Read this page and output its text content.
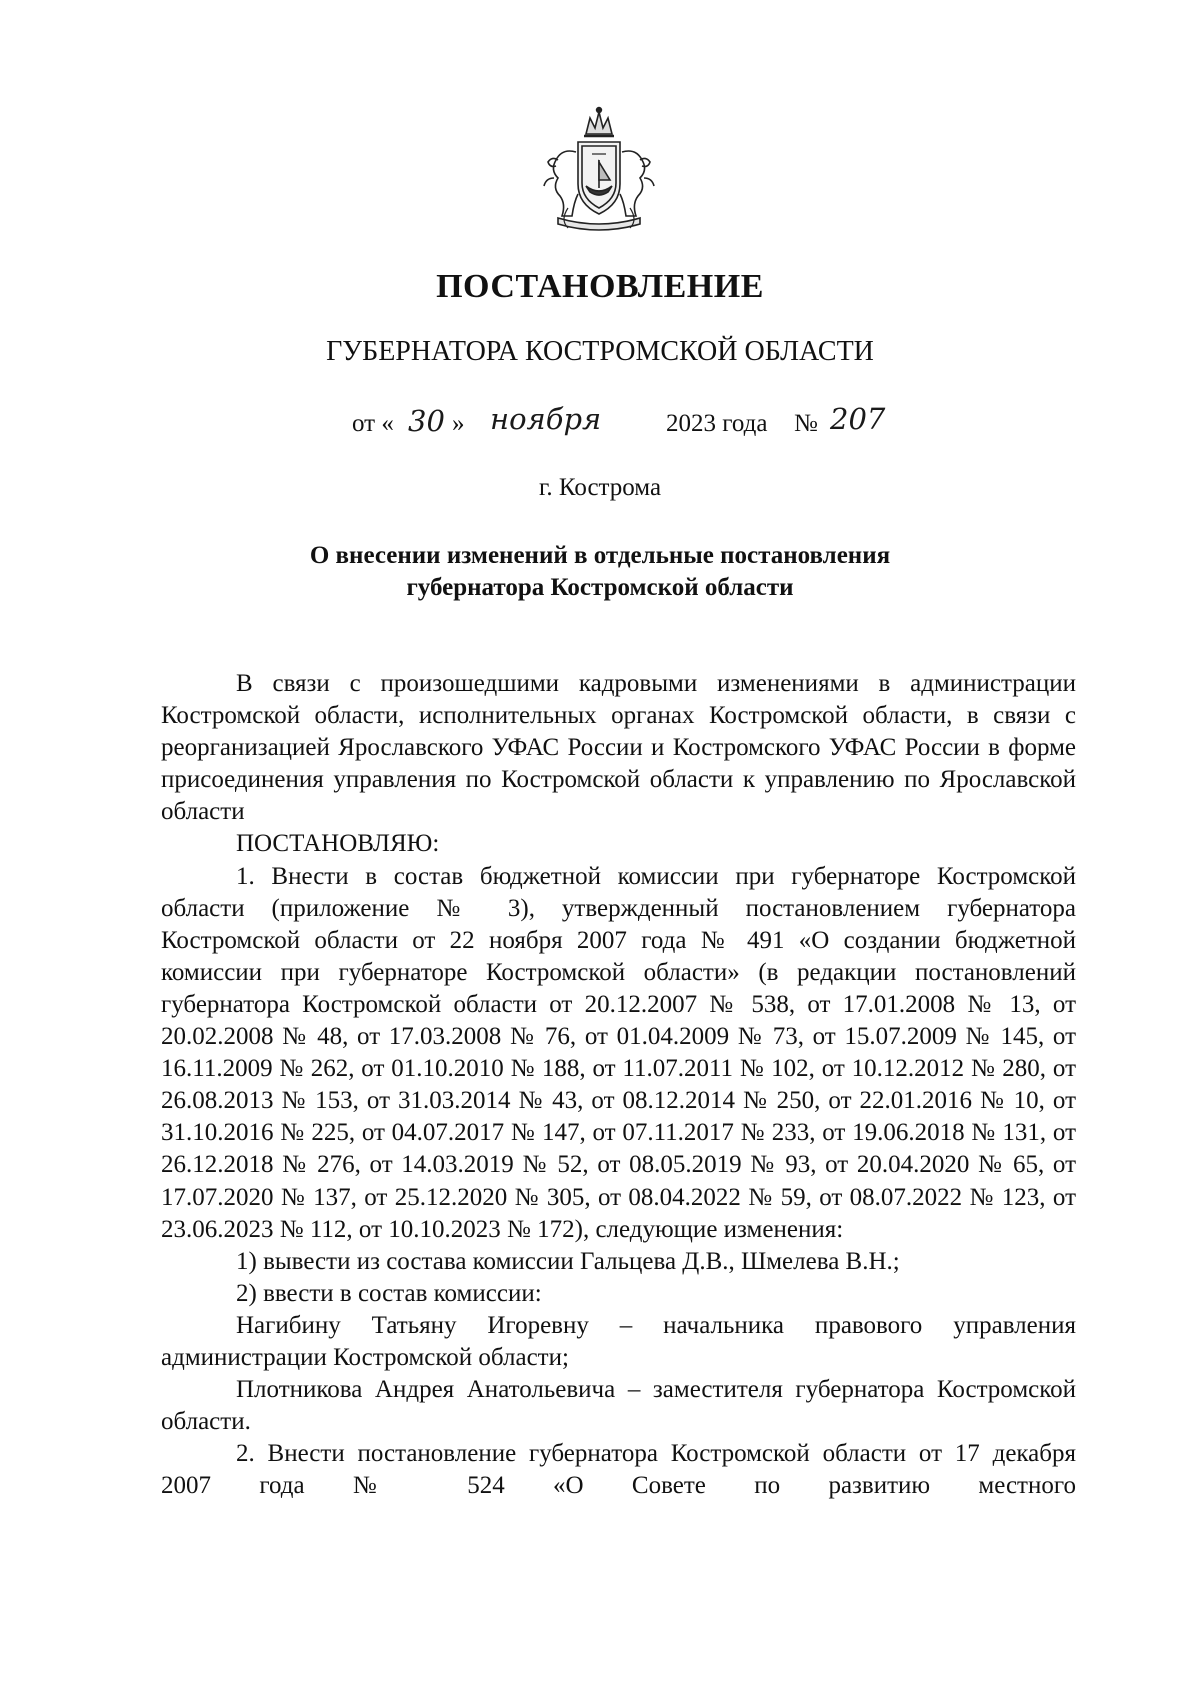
ПОСТАНОВЛЕНИЕ
ГУБЕРНАТОРА КОСТРОМСКОЙ ОБЛАСТИ
от « 30 » ноября	2023 года № 207
г. Кострома
О внесении изменений в отдельные постановления
губернатора Костромской области

В связи с произошедшими кадровыми изменениями в администрации Костромской области, исполнительных органах Костромской области, в связи с реорганизацией Ярославского УФАС России и Костромского УФАС России в форме присоединения управления по Костромской области к управлению по Ярославской области

ПОСТАНОВЛЯЮ:

1. Внести в состав бюджетной комиссии при губернаторе Костромской области (приложение № 3), утвержденный постановлением губернатора Костромской области от 22 ноября 2007 года № 491 «О создании бюджетной комиссии при губернаторе Костромской области» (в редакции постановлений губернатора Костромской области от 20.12.2007 № 538, от 17.01.2008 № 13, от 20.02.2008 № 48, от 17.03.2008 № 76, от 01.04.2009 № 73, от 15.07.2009 № 145, от 16.11.2009 № 262, от 01.10.2010 № 188, от 11.07.2011 № 102, от 10.12.2012 № 280, от 26.08.2013 № 153, от 31.03.2014 № 43, от 08.12.2014 № 250, от 22.01.2016 № 10, от 31.10.2016 № 225, от 04.07.2017 № 147, от 07.11.2017 № 233, от 19.06.2018 № 131, от 26.12.2018 № 276, от 14.03.2019 № 52, от 08.05.2019 № 93, от 20.04.2020 № 65, от 17.07.2020 № 137, от 25.12.2020 № 305, от 08.04.2022 № 59, от 08.07.2022 № 123, от 23.06.2023 № 112, от 10.10.2023 № 172), следующие изменения:

1) вывести из состава комиссии Гальцева Д.В., Шмелева В.Н.;

2) ввести в состав комиссии:

Нагибину Татьяну Игоревну – начальника правового управления администрации Костромской области;

Плотникова Андрея Анатольевича – заместителя губернатора Костромской области.

2. Внести постановление губернатора Костромской области от 17 декабря 2007 года № 524 «О Совете по развитию местного
